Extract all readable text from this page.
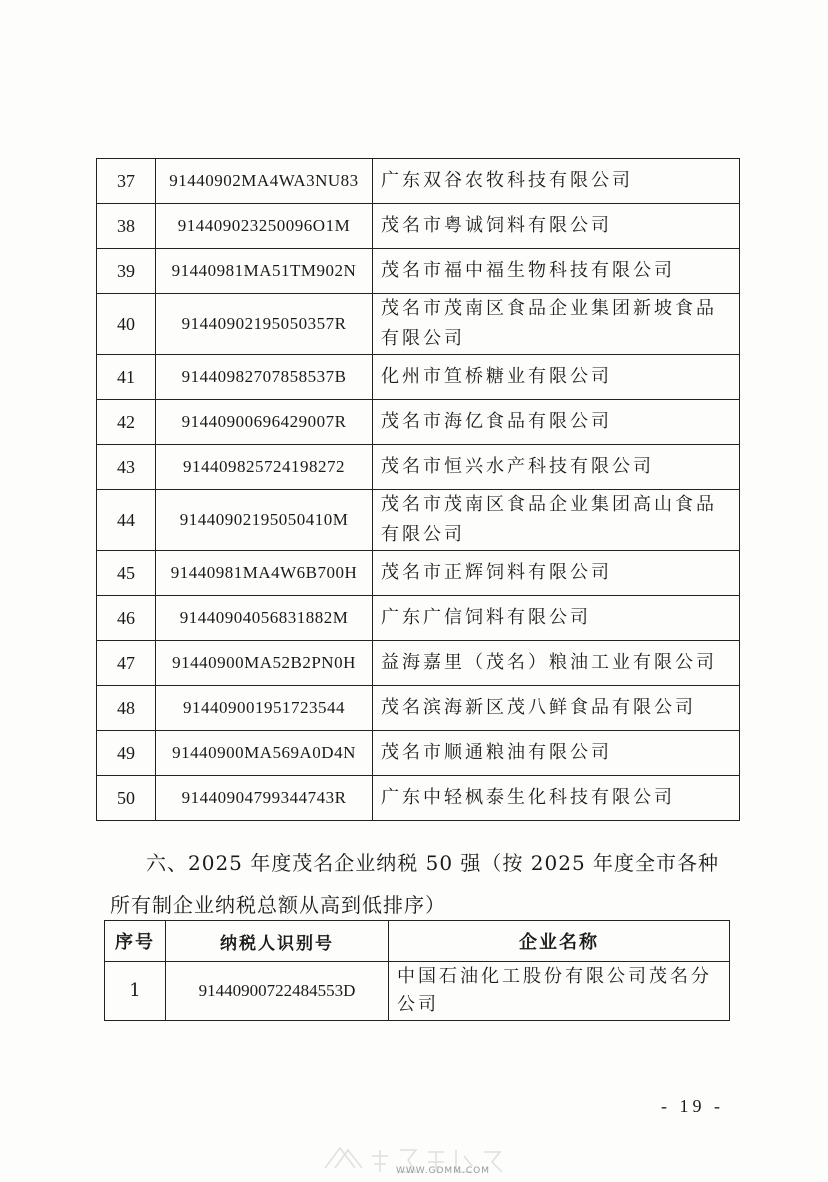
37	91440902MA4WA3NU83	广东双谷农牧科技有限公司
38	914409023250096O1M	茂名市粤诚饲料有限公司
39	91440981MA51TM902N	茂名市福中福生物科技有限公司
40	91440902195050357R	茂名市茂南区食品企业集团新坡食品有限公司
41	91440982707858537B	化州市笪桥糖业有限公司
42	91440900696429007R	茂名市海亿食品有限公司
43	914409825724198272	茂名市恒兴水产科技有限公司
44	91440902195050410M	茂名市茂南区食品企业集团高山食品有限公司
45	91440981MA4W6B700H	茂名市正辉饲料有限公司
46	91440904056831882M	广东广信饲料有限公司
47	91440900MA52B2PN0H	益海嘉里（茂名）粮油工业有限公司
48	914409001951723544	茂名滨海新区茂八鲜食品有限公司
49	91440900MA569A0D4N	茂名市顺通粮油有限公司
50	91440904799344743R	广东中轻枫泰生化科技有限公司
六、2025 年度茂名企业纳税 50 强（按 2025 年度全市各种
所有制企业纳税总额从高到低排序）
序号	纳税人识别号	企业名称
1	91440900722484553D	中国石油化工股份有限公司茂名分公司
- 19 -
WWW.GDMM.COM
